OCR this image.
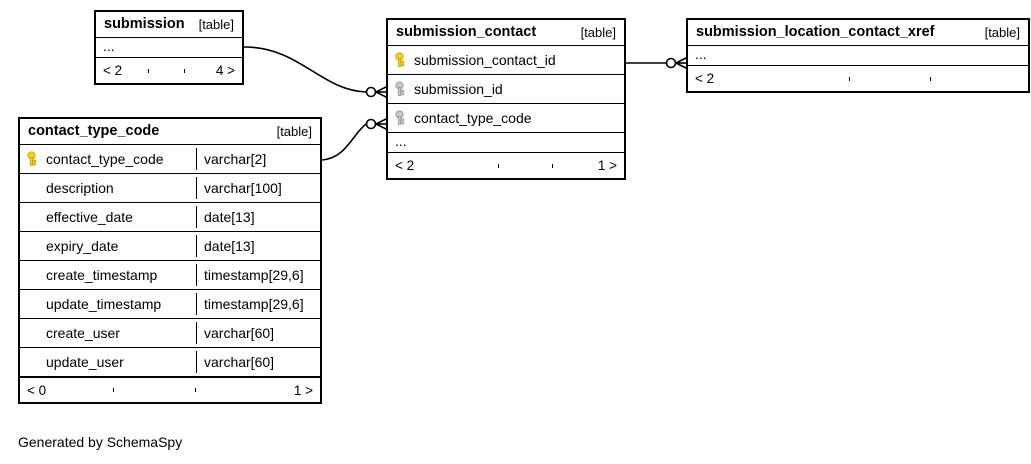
submission	[table]
...
< 2	4 >
submission_contact	[table]
submission_contact_id
submission_id
contact_type_code
...
< 2	1 >
submission_location_contact_xref	[table]
...
< 2
contact_type_code	[table]
contact_type_code	varchar[2]
description	varchar[100]
effective_date	date[13]
expiry_date	date[13]
create_timestamp	timestamp[29,6]
update_timestamp	timestamp[29,6]
create_user	varchar[60]
update_user	varchar[60]
< 0	1 >
Generated by SchemaSpy
